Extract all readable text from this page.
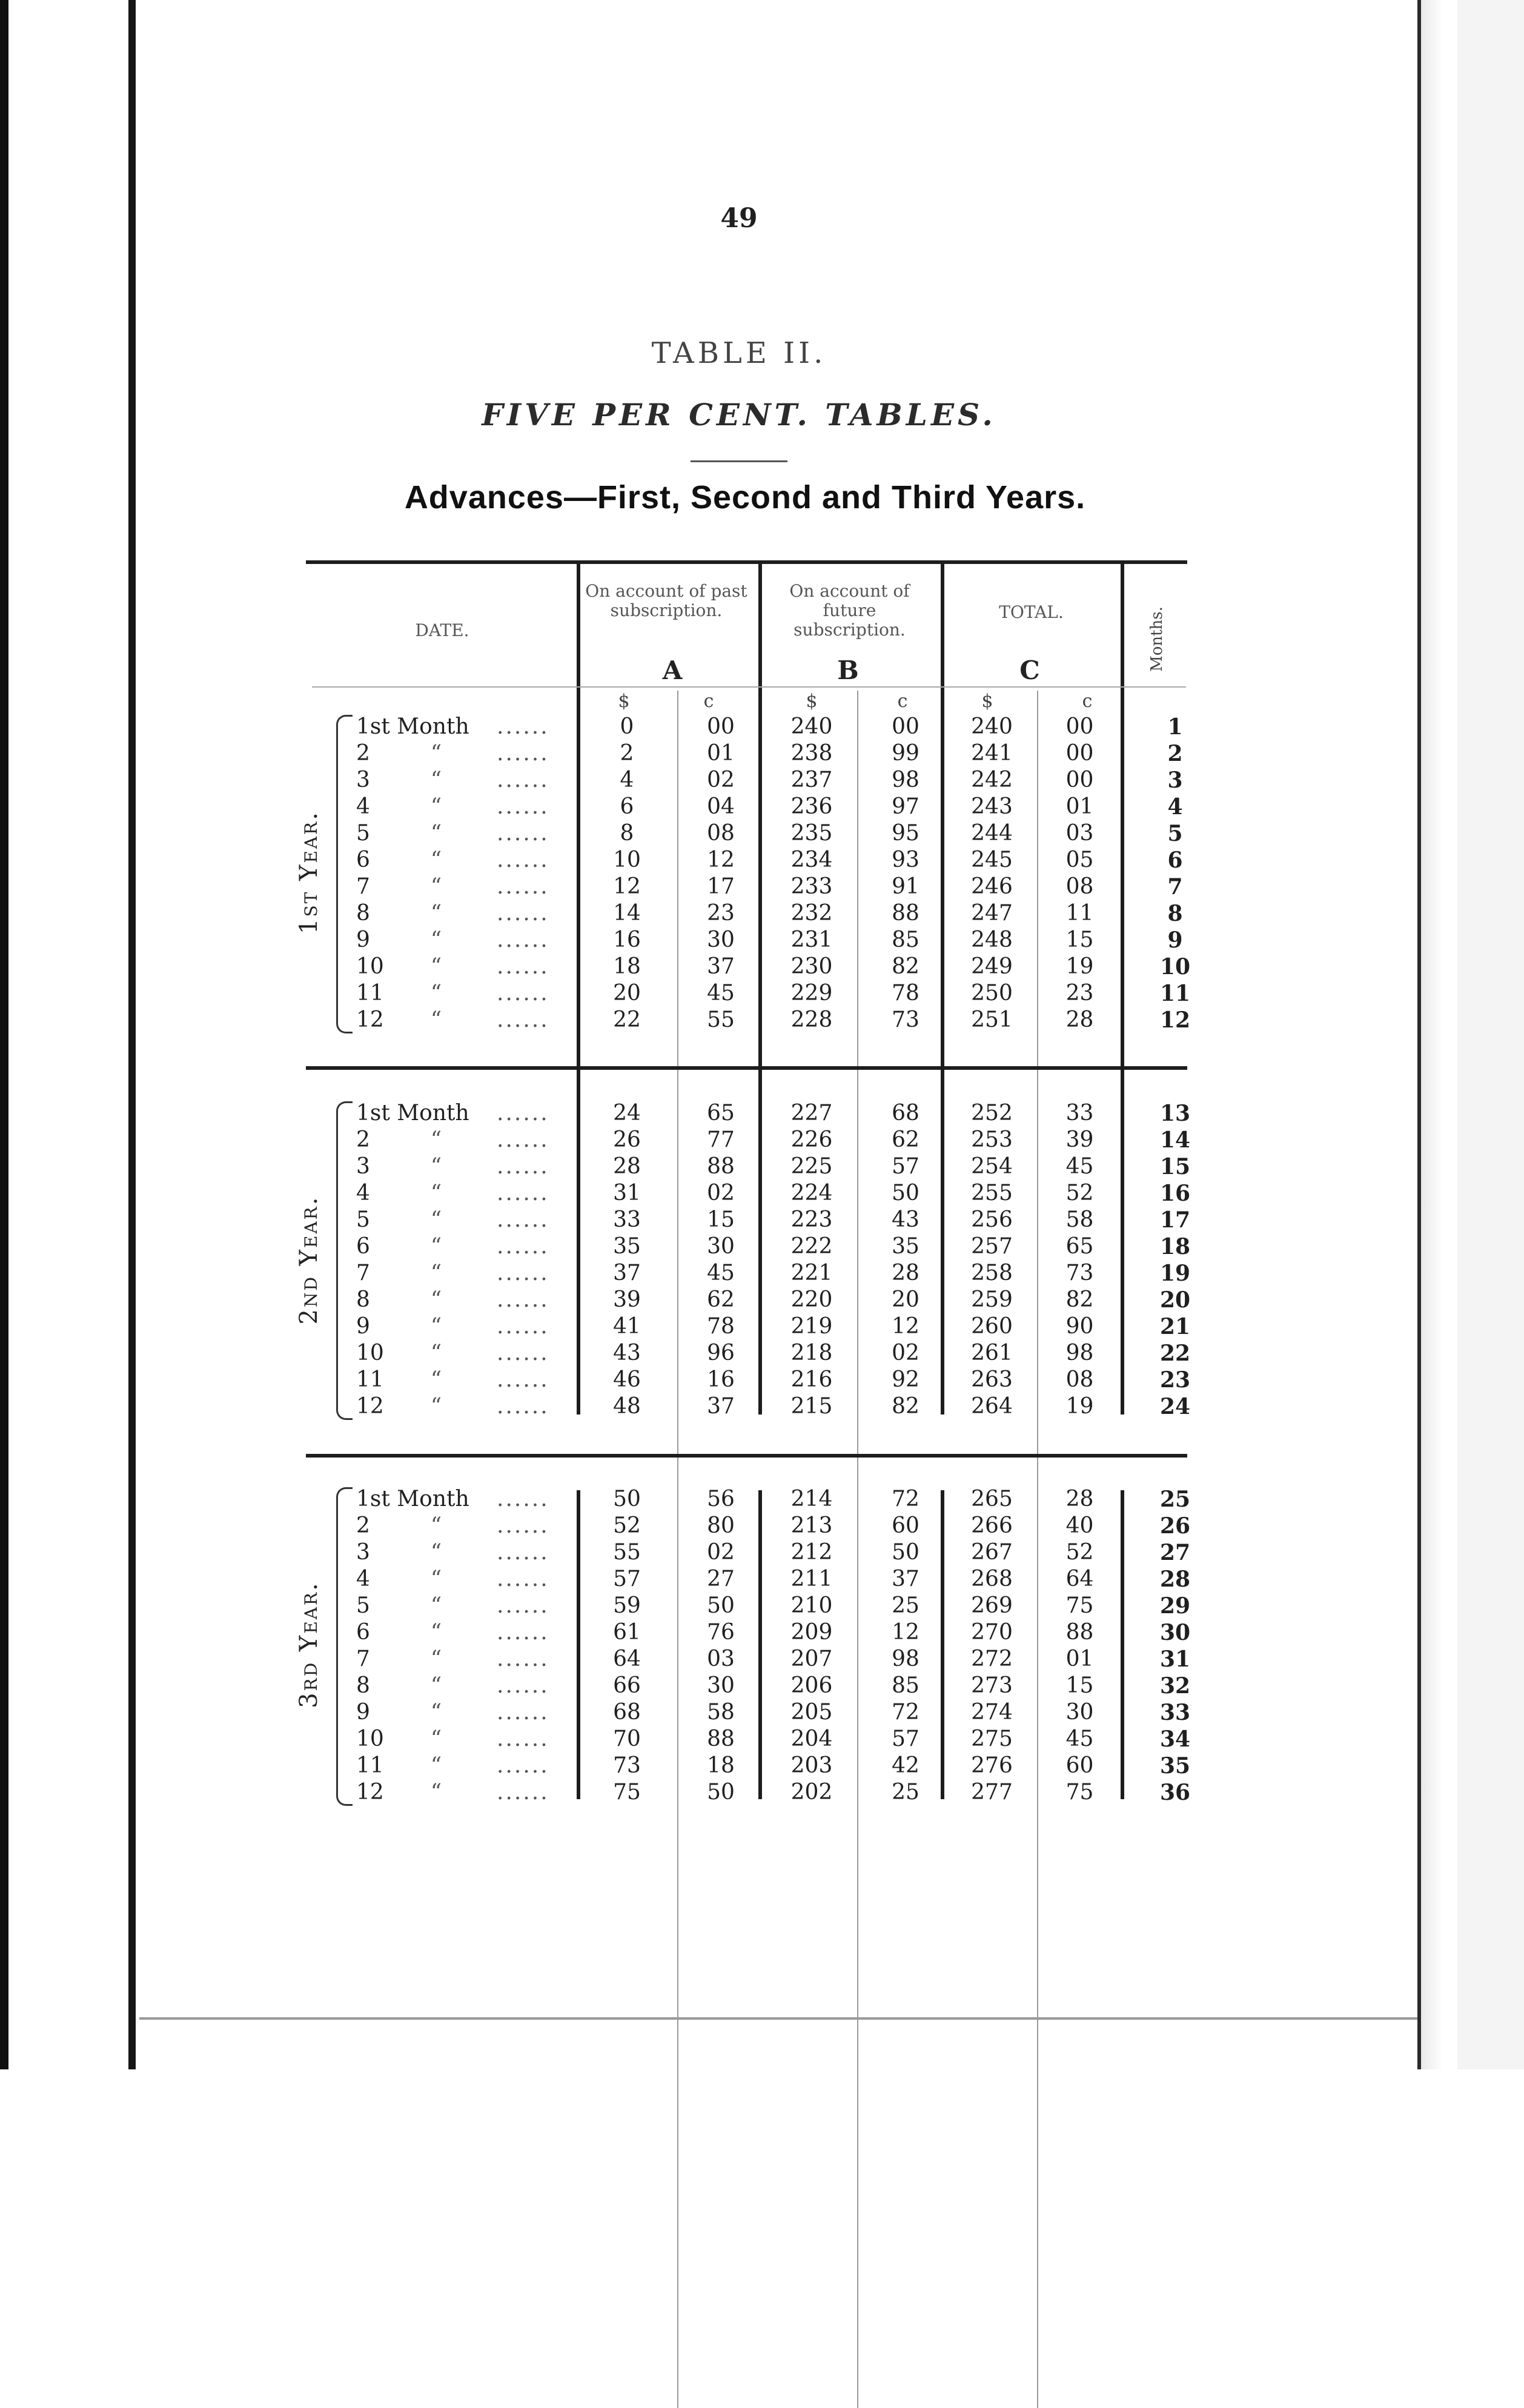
49
TABLE II.
FIVE PER CENT. TABLES.
Advances—First, Second and Third Years.
DATE.
On account of past subscription.
On account of future subscription.
TOTAL.
A	B	C
$	c	$	c	$	c
Months.
1st Year.
1st Month ......	0	00	240	00	240	00	1
2	“	......	2	01	238	99	241	00	2
3	“	......	4	02	237	98	242	00	3
4	“	......	6	04	236	97	243	01	4
5	“	......	8	08	235	95	244	03	5
6	“	......	10	12	234	93	245	05	6
7	“	......	12	17	233	91	246	08	7
8	“	......	14	23	232	88	247	11	8
9	“	......	16	30	231	85	248	15	9
10	“	......	18	37	230	82	249	19	10
11	“	......	20	45	229	78	250	23	11
12	“	......	22	55	228	73	251	28	12
2nd Year.
1st Month ......	24	65	227	68	252	33	13
2	“	......	26	77	226	62	253	39	14
3	“	......	28	88	225	57	254	45	15
4	“	......	31	02	224	50	255	52	16
5	“	......	33	15	223	43	256	58	17
6	“	......	35	30	222	35	257	65	18
7	“	......	37	45	221	28	258	73	19
8	“	......	39	62	220	20	259	82	20
9	“	......	41	78	219	12	260	90	21
10	“	......	43	96	218	02	261	98	22
11	“	......	46	16	216	92	263	08	23
12	“	......	48	37	215	82	264	19	24
3rd Year.
1st Month ......	50	56	214	72	265	28	25
2	“	......	52	80	213	60	266	40	26
3	“	......	55	02	212	50	267	52	27
4	“	......	57	27	211	37	268	64	28
5	“	......	59	50	210	25	269	75	29
6	“	......	61	76	209	12	270	88	30
7	“	......	64	03	207	98	272	01	31
8	“	......	66	30	206	85	273	15	32
9	“	......	68	58	205	72	274	30	33
10	“	......	70	88	204	57	275	45	34
11	“	......	73	18	203	42	276	60	35
12	“	......	75	50	202	25	277	75	36
